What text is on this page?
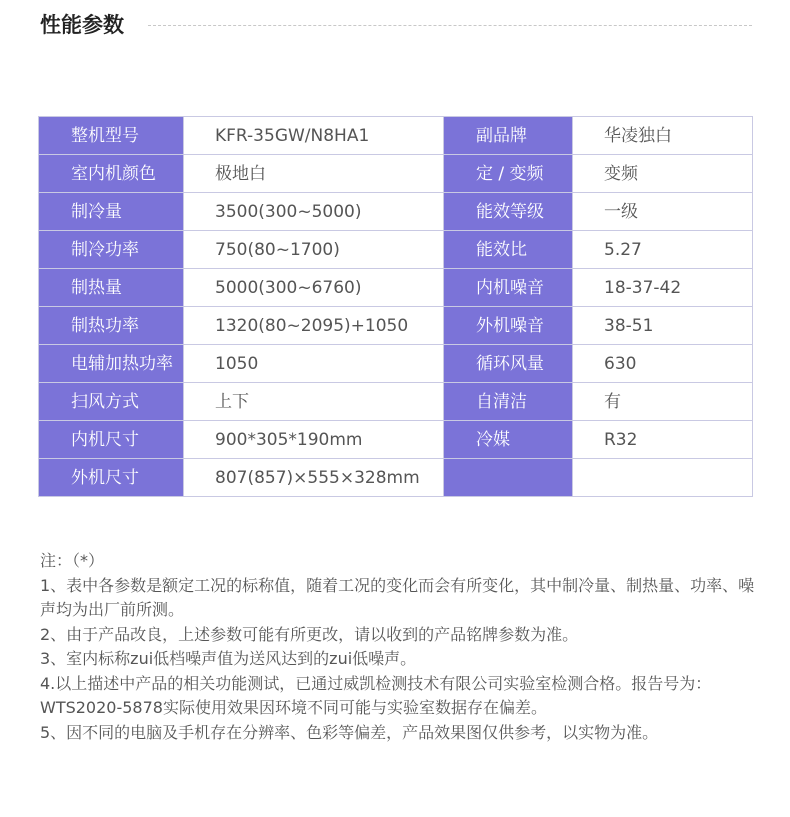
性能参数
整机型号	KFR-35GW/N8HA1	副品牌	华凌独白
室内机颜色	极地白	定 / 变频	变频
制冷量	3500(300~5000)	能效等级	一级
制冷功率	750(80~1700)	能效比	5.27
制热量	5000(300~6760)	内机噪音	18-37-42
制热功率	1320(80~2095)+1050	外机噪音	38-51
电辅加热功率	1050	循环风量	630
扫风方式	上下	自清洁	有
内机尺寸	900*305*190mm	冷媒	R32
外机尺寸	807(857)×555×328mm		

注：（*）

1、表中各参数是额定工况的标称值，随着工况的变化而会有所变化，其中制冷量、制热量、功率、噪声均为出厂前所测。

2、由于产品改良，上述参数可能有所更改，请以收到的产品铭牌参数为准。

3、室内标称zui低档噪声值为送风达到的zui低噪声。

4.以上描述中产品的相关功能测试，已通过威凯检测技术有限公司实验室检测合格。报告号为：WTS2020-5878实际使用效果因环境不同可能与实验室数据存在偏差。

5、因不同的电脑及手机存在分辨率、色彩等偏差，产品效果图仅供参考，以实物为准。
